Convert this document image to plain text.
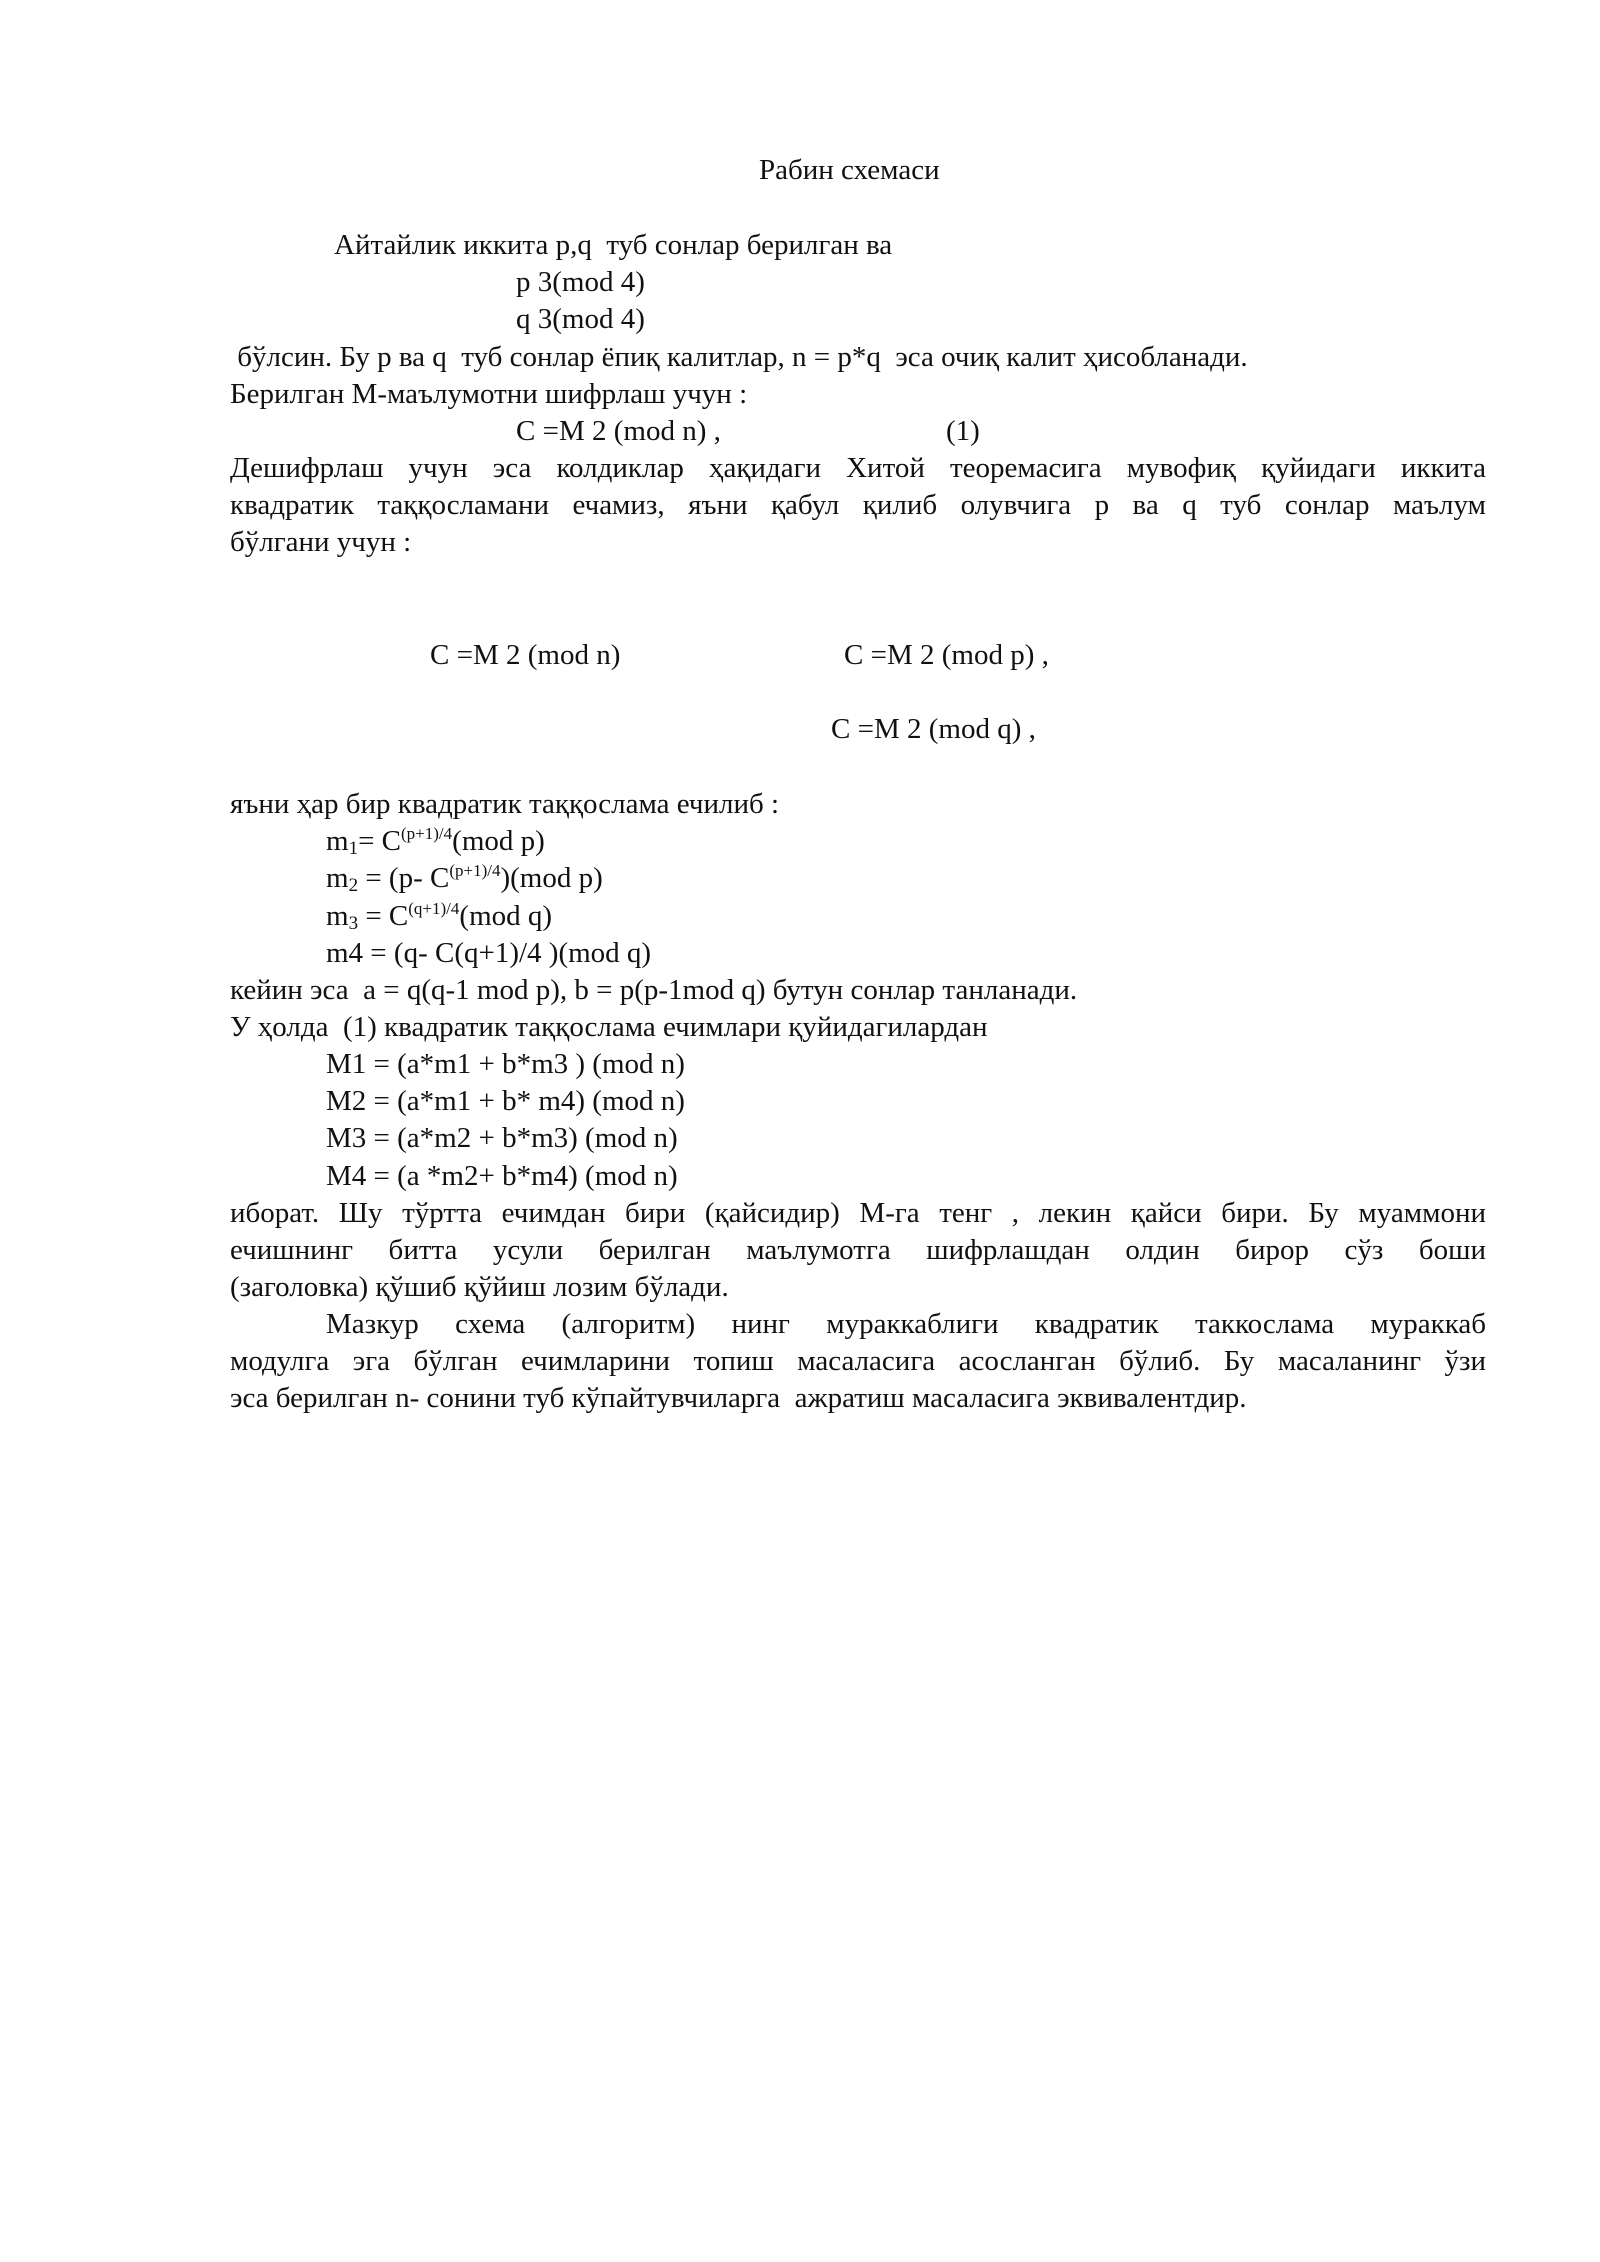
Рабин схемаси
Айтайлик иккита p,q  туб сонлар берилган ва
p 3(mod 4)
q 3(mod 4)
бўлсин. Бу p ва q  туб сонлар ёпиқ калитлар, n = p*q  эса очиқ калит ҳисобланади.
Берилган М-маълумотни шифрлаш учун :
С =М 2 (mod n) ,	(1)
Дешифрлаш учун эса колдиклар ҳақидаги Хитой теоремасига мувофиқ қуйидаги иккита
квадратик таққосламани ечамиз, яъни қабул қилиб олувчига p ва q туб сонлар маълум
бўлгани учун :
С =М 2 (mod n)	С =М 2 (mod p) ,
С =М 2 (mod q) ,
яъни ҳар бир квадратик таққослама ечилиб :
$m_1= C^{(p+1)/4}(mod$ p)
$m_2 = (p-$ $C^{(p+1)/4})(mod$ p)
$m_3 = C^{(q+1)/4}(mod$ q)
m4 = (q- C(q+1)/4 )(mod q)
кейин эса  a = q(q-1 mod p), b = p(p-1mod q) бутун сонлар танланади.
У ҳолда  (1) квадратик таққослама ечимлари қуйидагилардан
M1 = (a*m1 + b*m3 ) (mod n)
M2 = (a*m1 + b* m4) (mod n)
M3 = (a*m2 + b*m3) (mod n)
M4 = (a *m2+ b*m4) (mod n)
иборат. Шу тўртта ечимдан бири (қайсидир) М-га тенг , лекин қайси бири. Бу муаммони
ечишнинг битта усули берилган маълумотга шифрлашдан олдин бирор сўз боши
(заголовка) қўшиб қўйиш лозим бўлади.
Мазкур схема (алгоритм) нинг мураккаблиги квадратик таккослама мураккаб
модулга эга бўлган ечимларини топиш масаласига асосланган бўлиб. Бу масаланинг ўзи
эса берилган n- сонини туб кўпайтувчиларга  ажратиш масаласига эквивалентдир.
